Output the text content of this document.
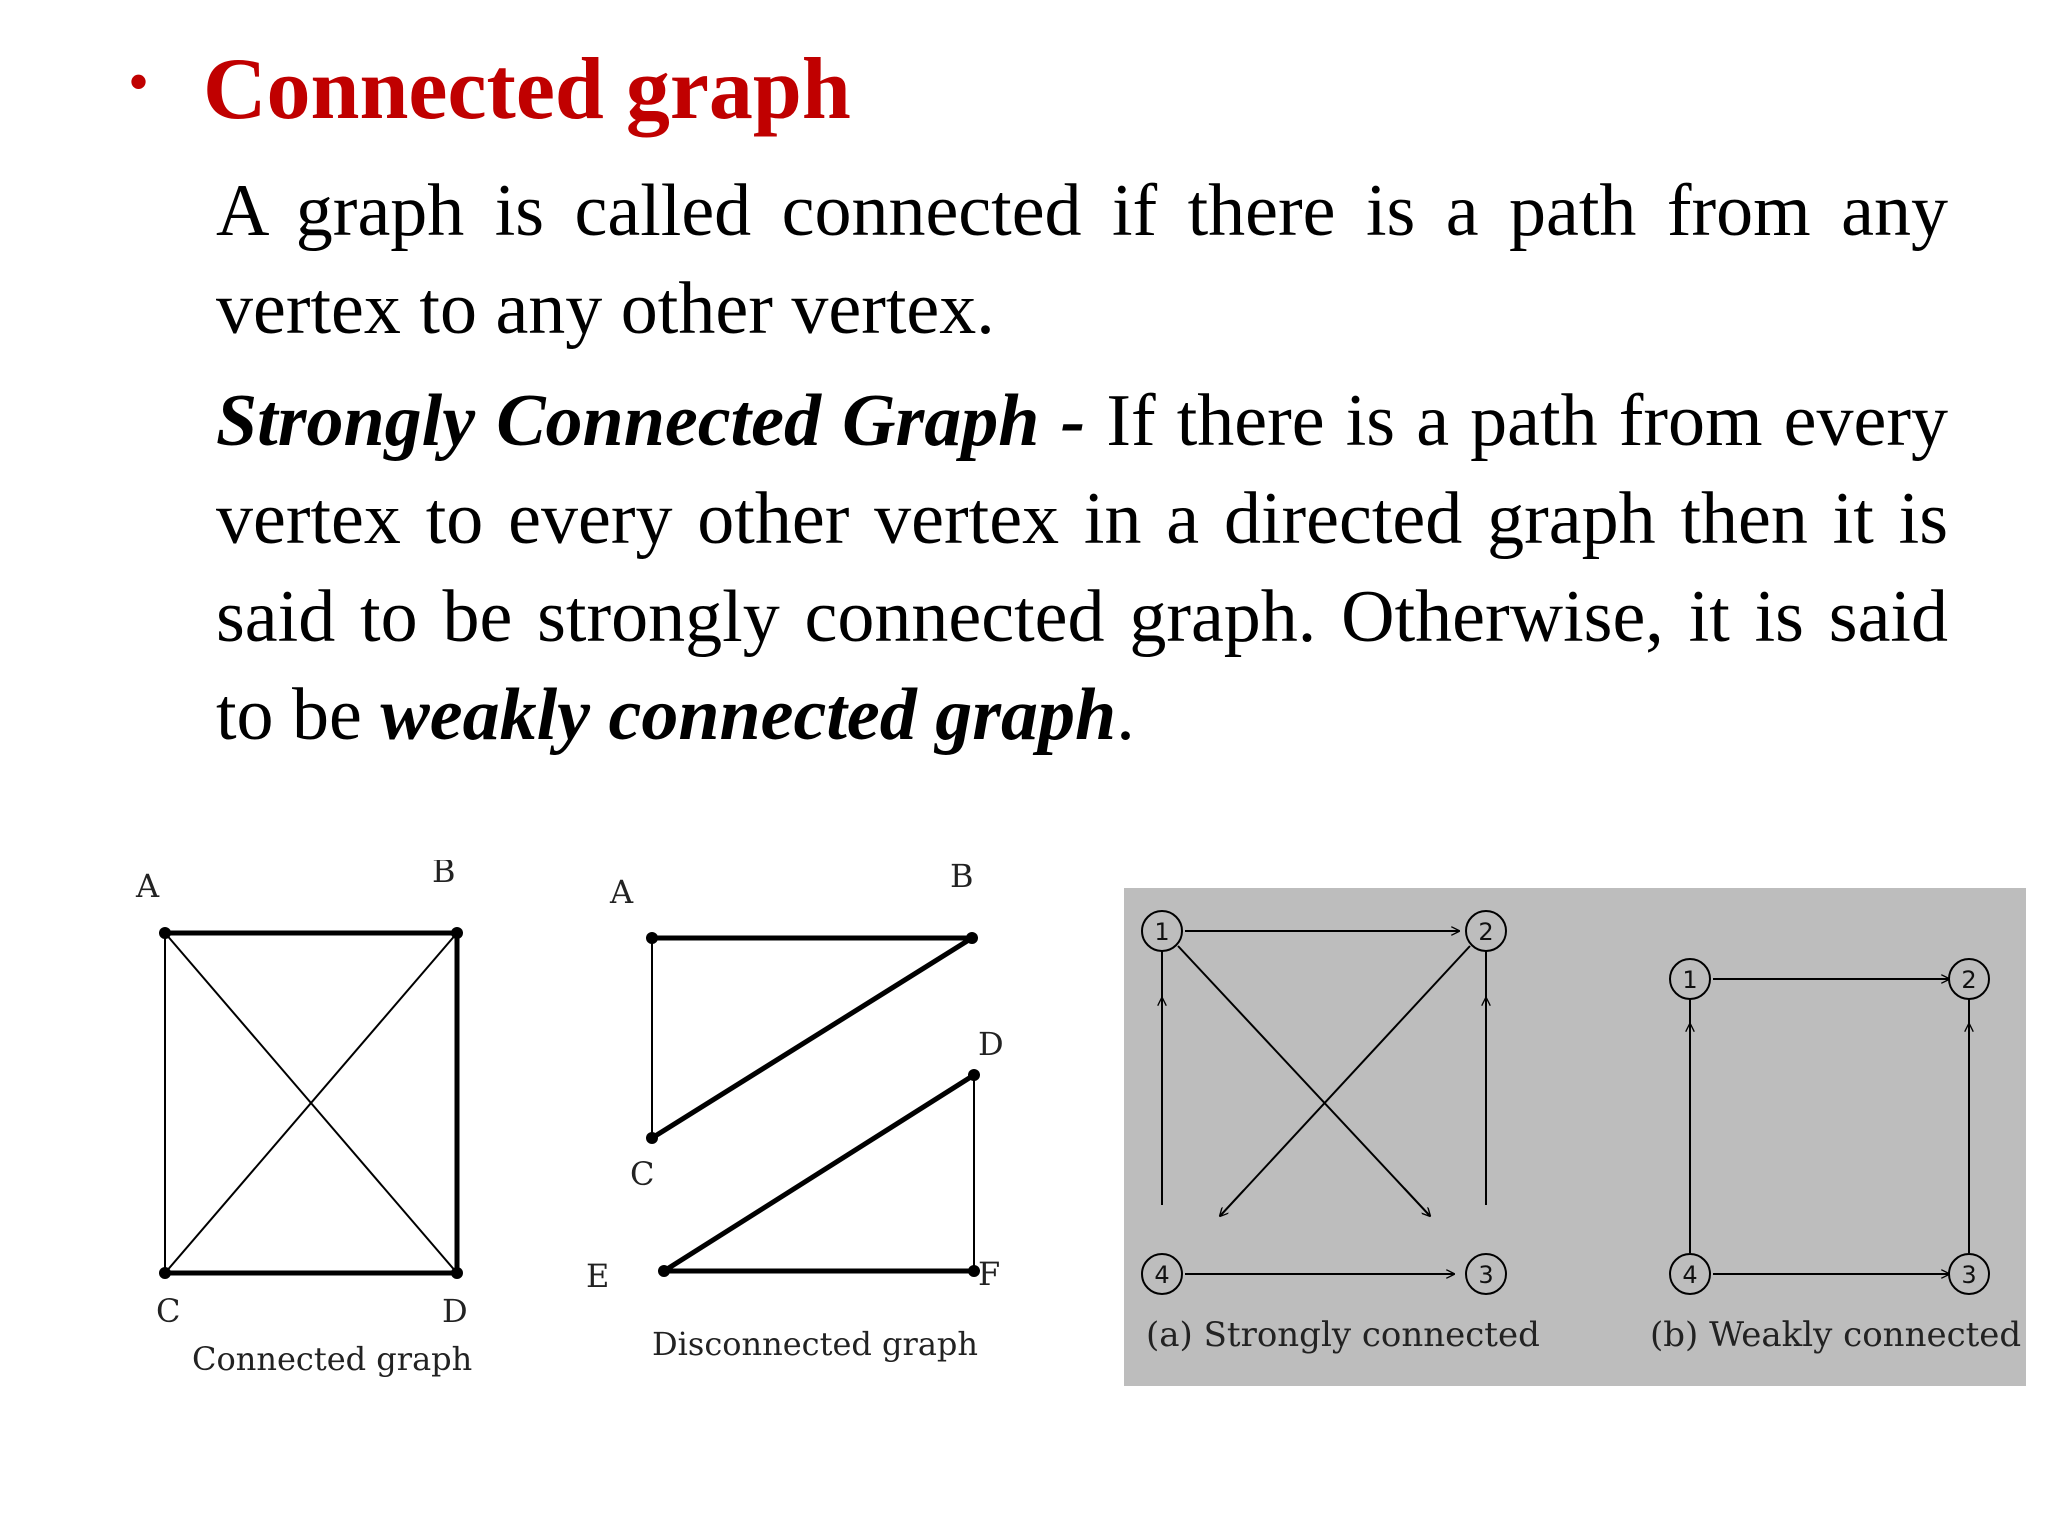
• Connected graph

A graph is called connected if there is a path from any vertex to any other vertex.

Strongly Connected Graph - If there is a path from every vertex to every other vertex in a directed graph then it is said to be strongly connected graph. Otherwise, it is said to be weakly connected graph.

A	B
C	D
Connected graph
A	B
C
D
E	F
Disconnected graph
1	2
3
4
(a) Strongly connected
1	2
3
4
(b) Weakly connected
